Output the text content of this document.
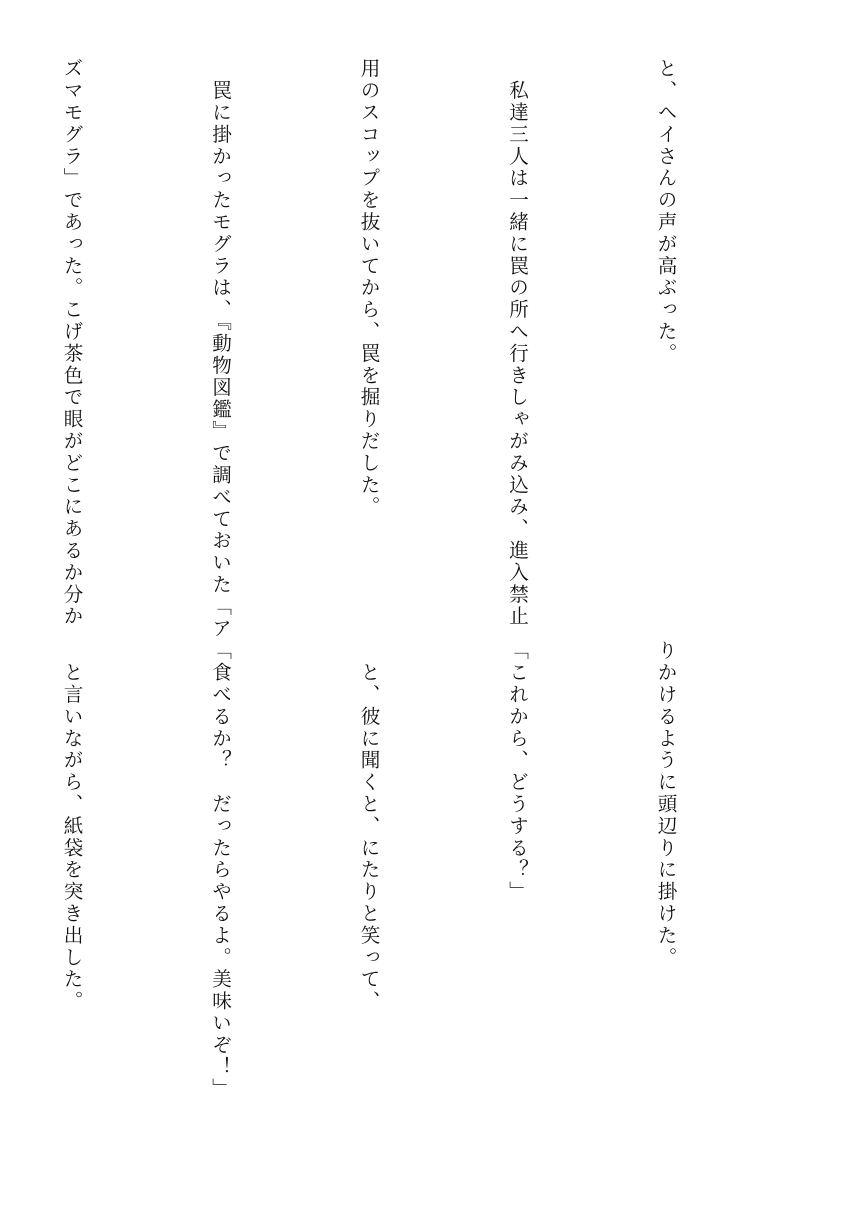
と、ヘイさんの声が高ぶった。

　私達三人は一緒に罠の所へ行きしゃがみ込み、進入禁止

用のスコップを抜いてから、罠を掘りだした。

　罠に掛かったモグラは、『動物図鑑』で調べておいた「ア

ズマモグラ」であった。こげ茶色で眼がどこにあるか分か

りかけるように頭辺りに掛けた。

「これから、どうする？」

　と、彼に聞くと、にたりと笑って、

「食べるか？　だったらやるよ。美味いぞ！」

　と言いながら、紙袋を突き出した。
